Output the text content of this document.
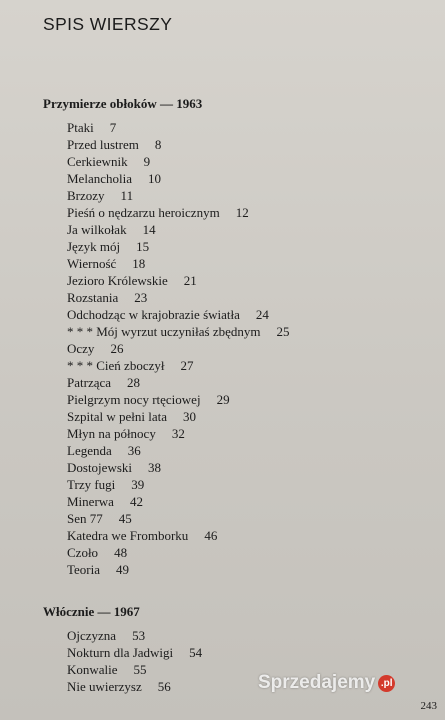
SPIS WIERSZY
Przymierze obłoków — 1963
Ptaki 7
Przed lustrem 8
Cerkiewnik 9
Melancholia 10
Brzozy 11
Pieśń o nędzarzu heroicznym 12
Ja wilkołak 14
Język mój 15
Wierność 18
Jezioro Królewskie 21
Rozstania 23
Odchodząc w krajobrazie światła 24
* * * Mój wyrzut uczyniłaś zbędnym 25
Oczy 26
* * * Cień zboczył 27
Patrząca 28
Pielgrzym nocy rtęciowej 29
Szpital w pełni lata 30
Młyn na północy 32
Legenda 36
Dostojewski 38
Trzy fugi 39
Minerwa 42
Sen 77 45
Katedra we Fromborku 46
Czoło 48
Teoria 49
Włócznie — 1967
Ojczyzna 53
Nokturn dla Jadwigi 54
Konwalie 55
Nie uwierzysz 56	Sprzedajemy .pl
243
